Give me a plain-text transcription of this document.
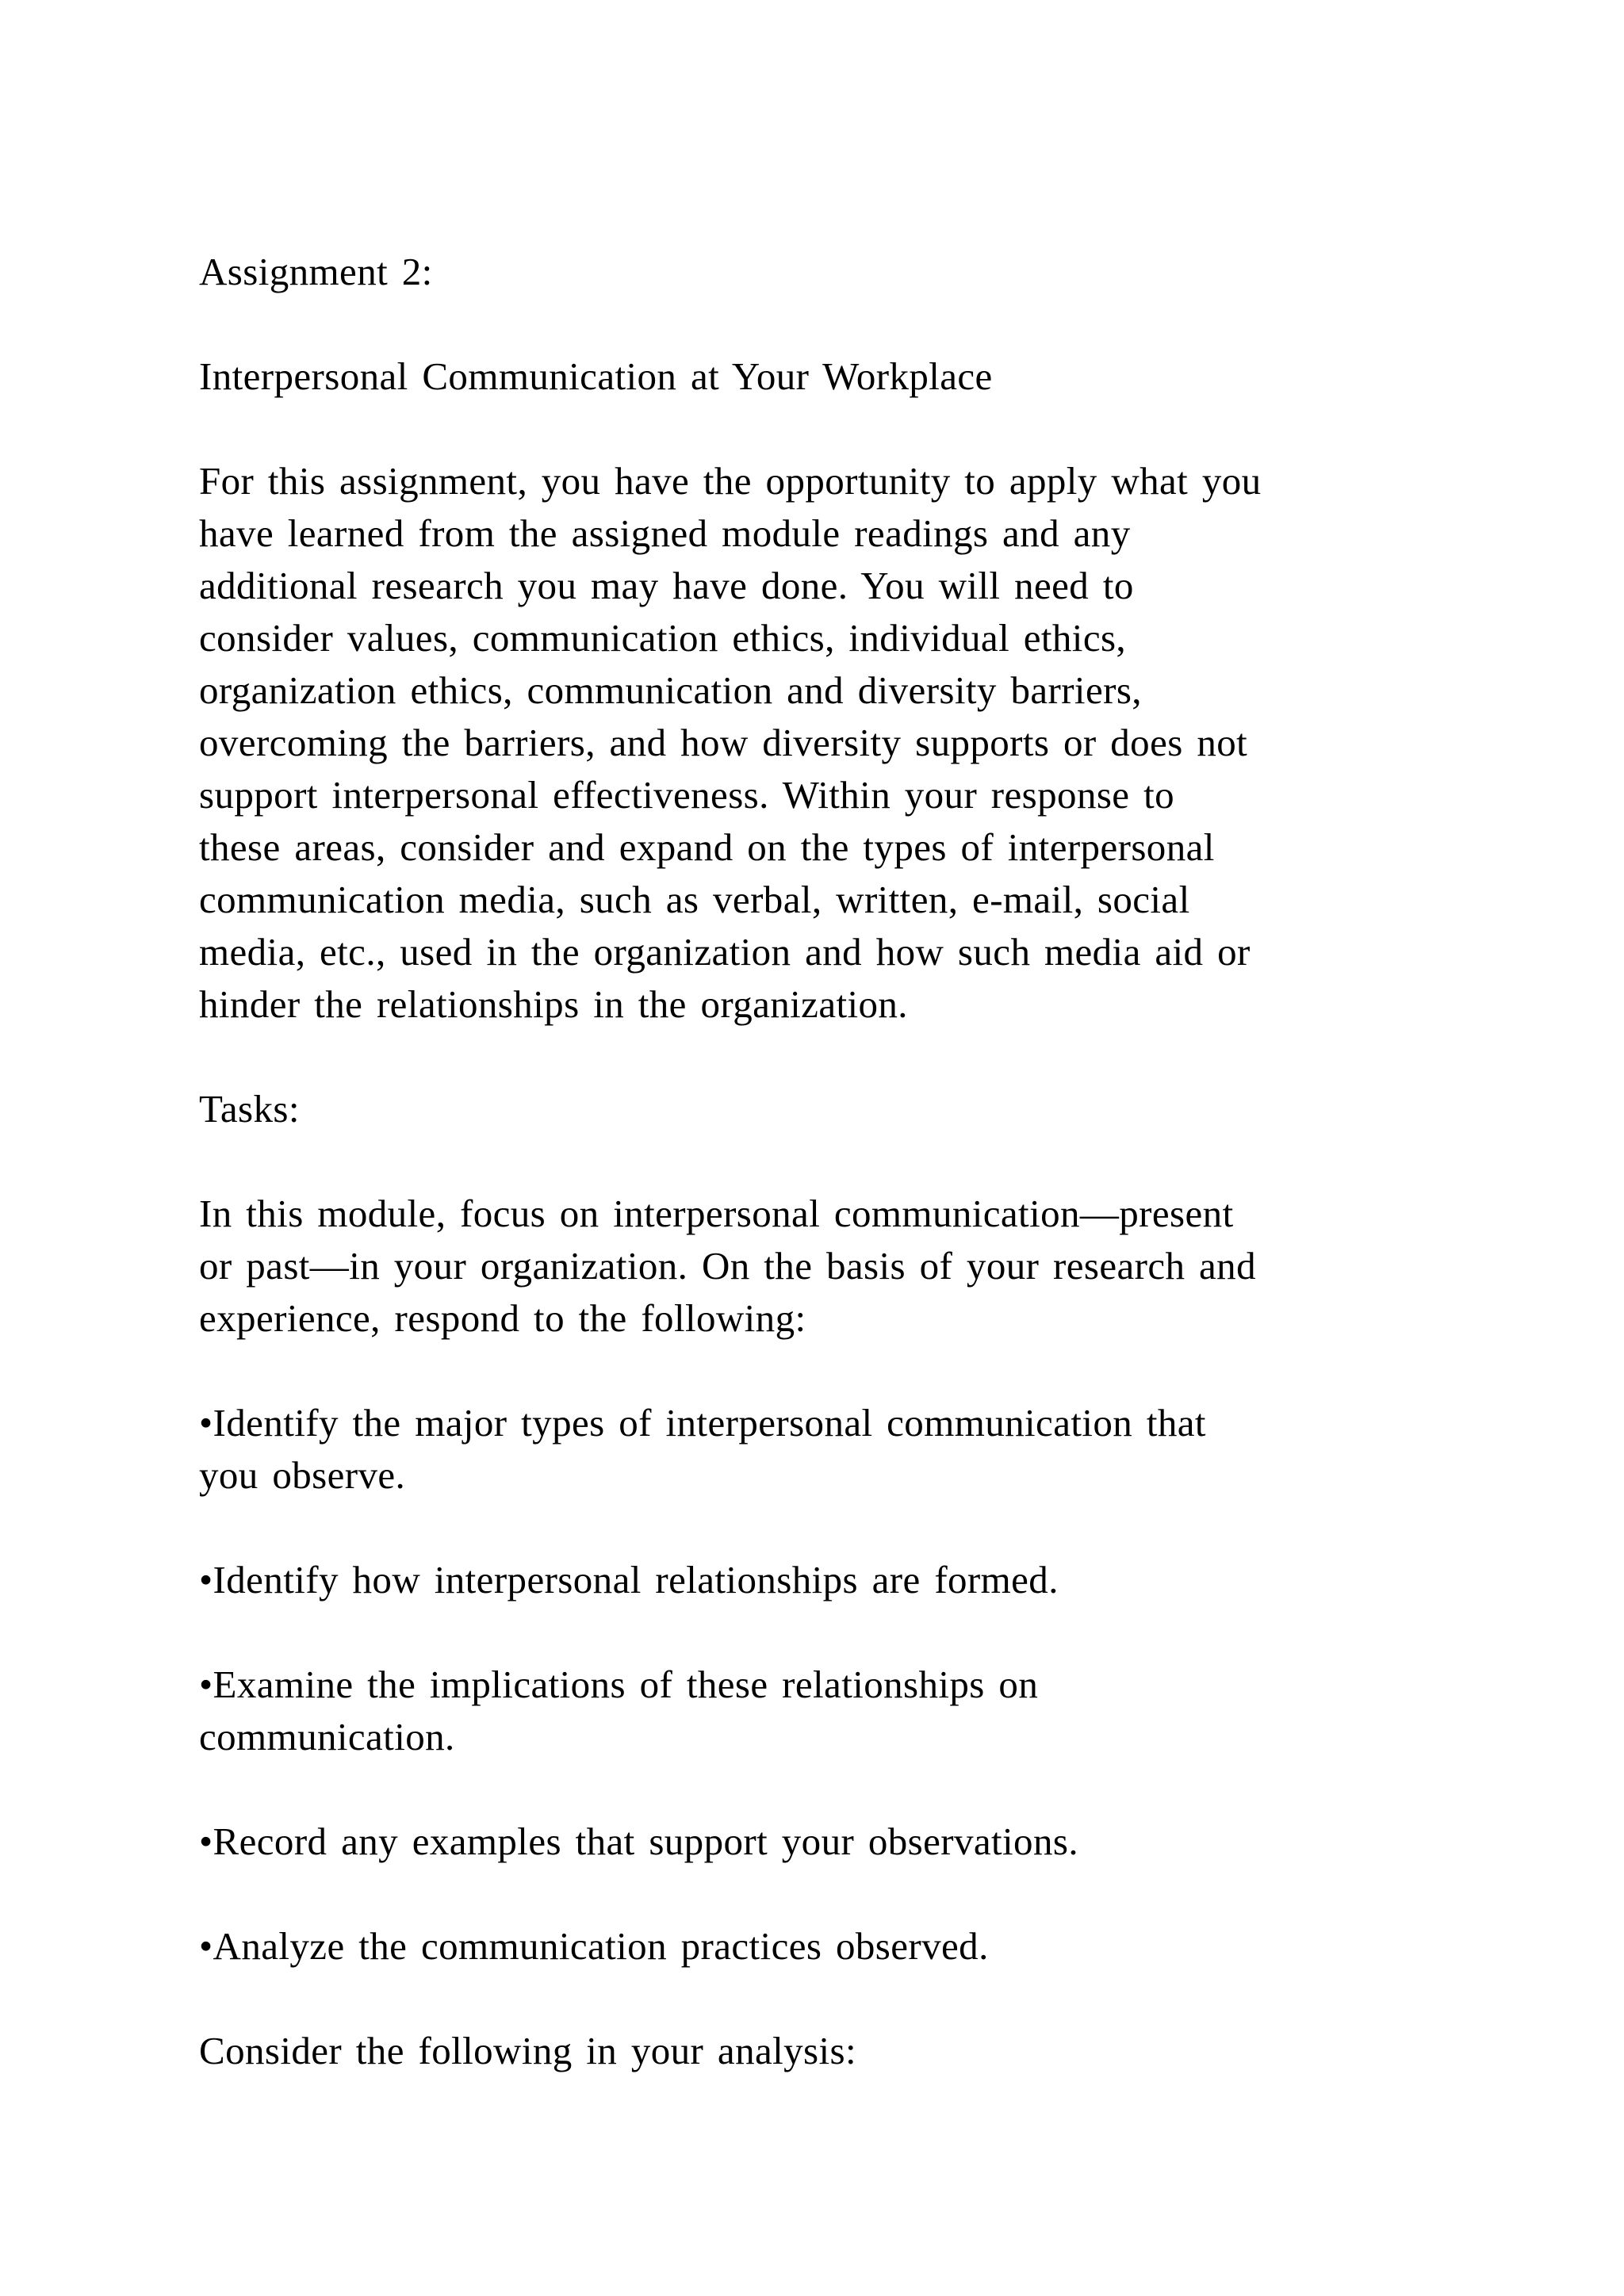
Assignment 2:
Interpersonal Communication at Your Workplace
For this assignment, you have the opportunity to apply what you
have learned from the assigned module readings and any
additional research you may have done. You will need to
consider values, communication ethics, individual ethics,
organization ethics, communication and diversity barriers,
overcoming the barriers, and how diversity supports or does not
support interpersonal effectiveness. Within your response to
these areas, consider and expand on the types of interpersonal
communication media, such as verbal, written, e-mail, social
media, etc., used in the organization and how such media aid or
hinder the relationships in the organization.
Tasks:
In this module, focus on interpersonal communication—present
or past—in your organization. On the basis of your research and
experience, respond to the following:
•Identify the major types of interpersonal communication that
you observe.
•Identify how interpersonal relationships are formed.
•Examine the implications of these relationships on
communication.
•Record any examples that support your observations.
•Analyze the communication practices observed.
Consider the following in your analysis:
